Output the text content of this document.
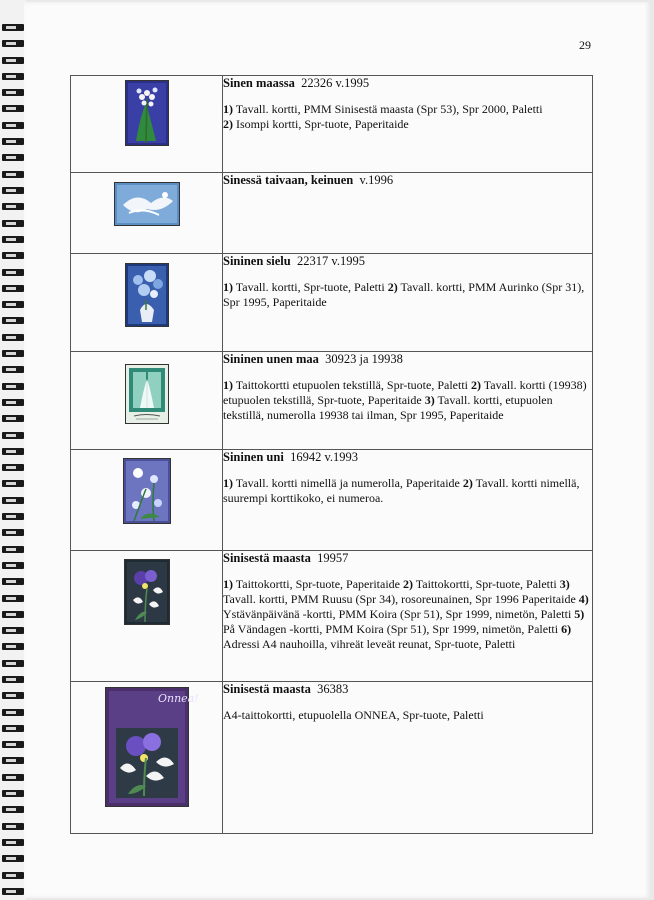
29

Sinen maassa 22326 v.1995
1) Tavall. kortti, PMM Sinisestä maasta (Spr 53), Spr 2000, Paletti
2) Isompi kortti, Spr-tuote, Paperitaide

Sinessä taivaan, keinuen v.1996

Sininen sielu 22317 v.1995
1) Tavall. kortti, Spr-tuote, Paletti 2) Tavall. kortti, PMM Aurinko (Spr 31), Spr 1995, Paperitaide

Sininen unen maa 30923 ja 19938
1) Taittokortti etupuolen tekstillä, Spr-tuote, Paletti 2) Tavall. kortti (19938) etupuolen tekstillä, Spr-tuote, Paperitaide 3) Tavall. kortti, etupuolen tekstillä, numerolla 19938 tai ilman, Spr 1995, Paperitaide

Sininen uni 16942 v.1993
1) Tavall. kortti nimellä ja numerolla, Paperitaide 2) Tavall. kortti nimellä, suurempi korttikoko, ei numeroa.

Sinisestä maasta 19957
1) Taittokortti, Spr-tuote, Paperitaide 2) Taittokortti, Spr-tuote, Paletti 3) Tavall. kortti, PMM Ruusu (Spr 34), rosoreunainen, Spr 1996 Paperitaide 4) Ystävänpäivänä -kortti, PMM Koira (Spr 51), Spr 1999, nimetön, Paletti 5) På Vändagen -kortti, PMM Koira (Spr 51), Spr 1999, nimetön, Paletti 6) Adressi A4 nauhoilla, vihreät leveät reunat, Spr-tuote, Paletti

Onnea!	Sinisestä maasta 36383
A4-taittokortti, etupuolella ONNEA, Spr-tuote, Paletti
